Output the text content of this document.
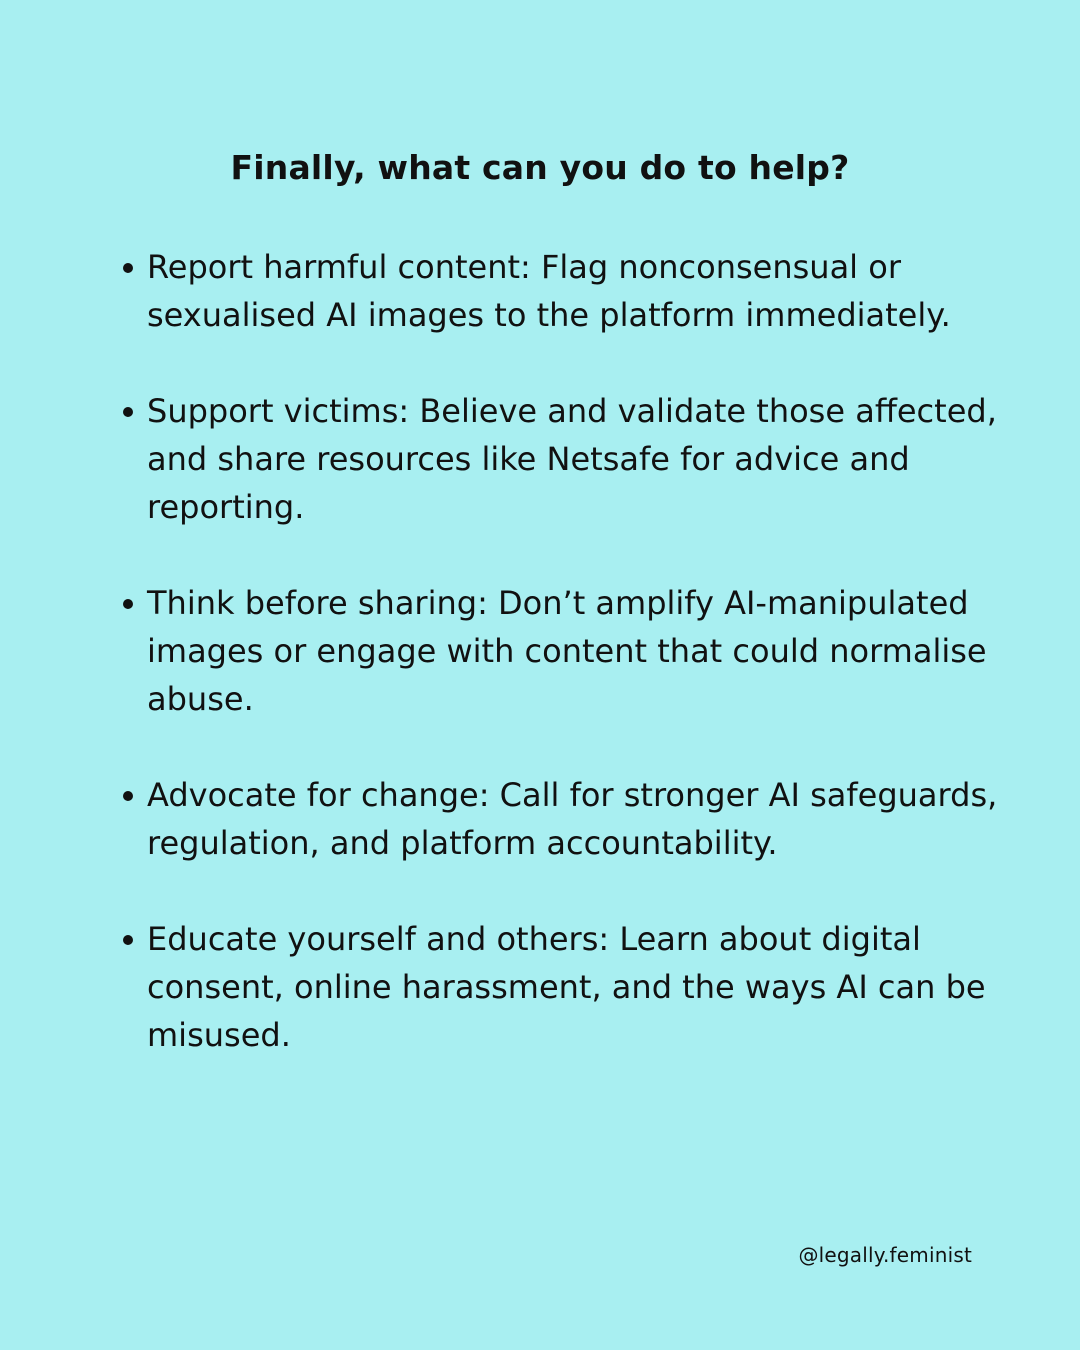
Finally, what can you do to help?
Report harmful content: Flag nonconsensual or sexualised AI images to the platform immediately.
Support victims: Believe and validate those affected, and share resources like Netsafe for advice and reporting.
Think before sharing: Don’t amplify AI-manipulated images or engage with content that could normalise abuse.
Advocate for change: Call for stronger AI safeguards, regulation, and platform accountability.
Educate yourself and others: Learn about digital consent, online harassment, and the ways AI can be misused.
@legally.feminist
